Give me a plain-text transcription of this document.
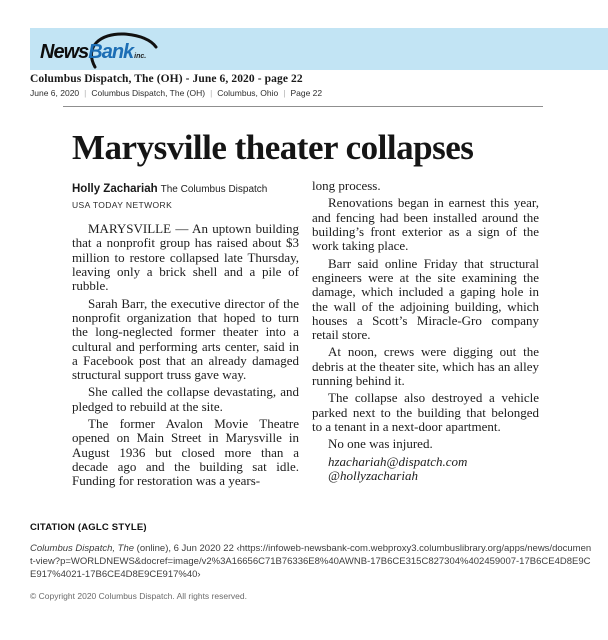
NewsBankinc.
Columbus Dispatch, The (OH) - June 6, 2020 - page 22
June 6, 2020 | Columbus Dispatch, The (OH) | Columbus, Ohio | Page 22
Marysville theater collapses
Holly Zachariah The Columbus Dispatch
USA TODAY NETWORK

MARYSVILLE — An uptown building that a nonprofit group has raised about $3 million to restore collapsed late Thursday, leaving only a brick shell and a pile of rubble.

Sarah Barr, the executive director of the nonprofit organization that hoped to turn the long-neglected former theater into a cultural and performing arts center, said in a Facebook post that an already damaged structural support truss gave way.

She called the collapse devastating, and pledged to rebuild at the site.

The former Avalon Movie Theatre opened on Main Street in Marysville in August 1936 but closed more than a decade ago and the building sat idle. Funding for restoration was a years-

long process.

Renovations began in earnest this year, and fencing had been installed around the building’s front exterior as a sign of the work taking place.

Barr said online Friday that structural engineers were at the site examining the damage, which included a gaping hole in the wall of the adjoining building, which houses a Scott’s Miracle-Gro company retail store.

At noon, crews were digging out the debris at the theater site, which has an alley running behind it.

The collapse also destroyed a vehicle parked next to the building that belonged to a tenant in a next-door apartment.

No one was injured.

hzachariah@dispatch.com

@hollyzachariah

CITATION (AGLC STYLE)

Columbus Dispatch, The (online), 6 Jun 2020 22 ‹https://infoweb-newsbank-com.webproxy3.columbuslibrary.org/apps/news/document-view?p=WORLDNEWS&docref=image/v2%3A16656C71B76336E8%40AWNB-17B6CE315C827304%402459007-17B6CE4D8E9CE917%4021-17B6CE4D8E9CE917%40›

© Copyright 2020 Columbus Dispatch. All rights reserved.
